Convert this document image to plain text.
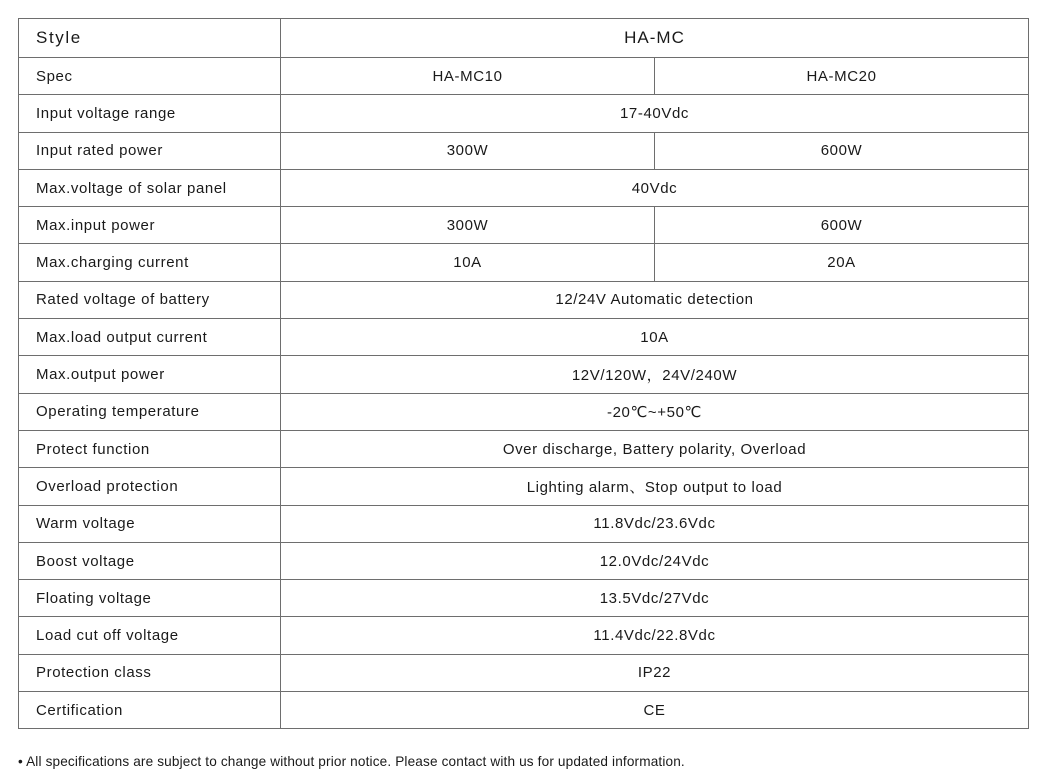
Style	HA-MC	
Spec	HA-MC10	HA-MC20
Input voltage range	17-40Vdc	
Input rated power	300W	600W
Max.voltage of solar panel	40Vdc	
Max.input power	300W	600W
Max.charging current	10A	20A
Rated voltage of battery	12/24V Automatic detection	
Max.load output current	10A	
Max.output power	12V/120W，24V/240W	
Operating temperature	-20℃~+50℃	
Protect function	Over discharge, Battery polarity, Overload	
Overload protection	Lighting alarm、Stop output to load	
Warm voltage	11.8Vdc/23.6Vdc	
Boost voltage	12.0Vdc/24Vdc	
Floating voltage	13.5Vdc/27Vdc	
Load cut off voltage	11.4Vdc/22.8Vdc	
Protection class	IP22	
Certification	CE	
• All specifications are subject to change without prior notice. Please contact with us for updated information.
